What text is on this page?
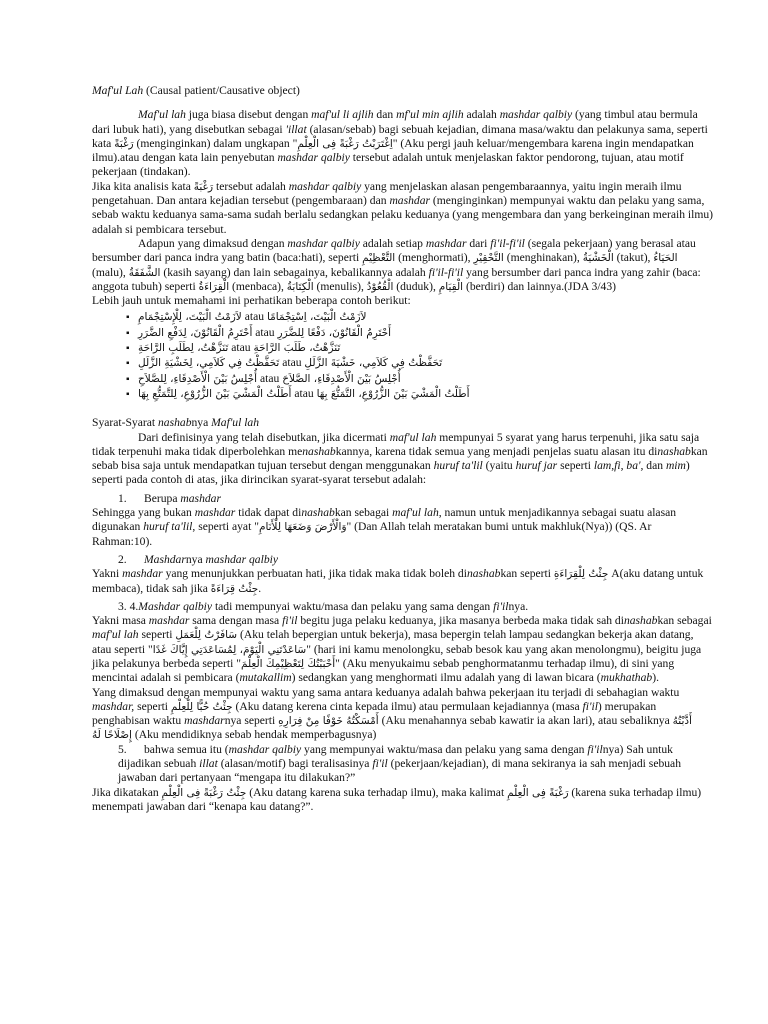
Maf'ul Lah (Causal patient/Causative object)

Maf'ul lah juga biasa disebut dengan maf'ul li ajlih dan mf'ul min ajlih adalah mashdar qalbiy (yang timbul atau bermula dari lubuk hati), yang disebutkan sebagai 'illat (alasan/sebab) bagi sebuah kejadian, dimana masa/waktu dan pelakunya sama, seperti kata رَغْبَةً (menginginkan) dalam ungkapan "اِغْتَرَبْتُ رَغْبَةً فِى الْعِلْمِ" (Aku pergi jauh keluar/mengembara karena ingin mendapatkan ilmu).atau dengan kata lain penyebutan mashdar qalbiy tersebut adalah untuk menjelaskan faktor pendorong, tujuan, atau motif pekerjaan (tindakan).

Jika kita analisis kata رَغْبَةً tersebut adalah mashdar qalbiy yang menjelaskan alasan pengembaraannya, yaitu ingin meraih ilmu pengetahuan. Dan antara kejadian tersebut (pengembaraan) dan mashdar (menginginkan) mempunyai waktu dan pelaku yang sama, sebab waktu keduanya sama-sama sudah berlalu sedangkan pelaku keduanya (yang mengembara dan yang berkeinginan meraih ilmu) adalah si pembicara tersebut.

Adapun yang dimaksud dengan mashdar qalbiy adalah setiap mashdar dari fi'il-fi'il (segala pekerjaan) yang berasal atau bersumber dari panca indra yang batin (baca:hati), seperti التَّعْظِيْمِ (menghormati), التَّحْقِيْرِ (menghinakan), الْخَشْيَةُ (takut), الحَيَاءُ (malu), الشَّفَقَةُ (kasih sayang) dan lain sebagainya, kebalikannya adalah fi'il-fi'il yang bersumber dari panca indra yang zahir (baca: anggota tubuh) seperti الْقِرَاءَةُ (menbaca), الْكِتَابَةُ (menulis), الْقُعُوْدُ (duduk), الْقِيَامِ (berdiri) dan lainnya.(JDA 3/43)

Lebih jauh untuk memahami ini perhatikan beberapa contoh berikut:

▪	لاَزَمْتُ الْبَيْتَ، اِسْتِجْمَامًا atau لاَزَمْتُ الْبَيْتَ، لِلْإِسْتِجْمَامِ
▪	أَحْتَرِمُ الْقَانُوْنَ، دَفْعًا لِلضَّرَرِ atau أَحْتَرِمُ الْقَانُوْنَ، لِدَفْعِ الضَّرَرِ
▪	تَنَزَّهْتُ، طَلَبَ الرَّاحَةِ atau تَنَزَّهْتُ، لِطَلَبِ الرَّاحَةِ
▪	تَحَفَّظْتُ فِي كَلاَمِي، خَشْيَةَ الزَّلَلِ atau تَحَفَّظْتُ فِي كَلاَمِي، لِخَشْيَةِ الزَّلَلِ
▪	أُجْلِسُ بَيْنَ الْأَصْدِقَاءِ، الصَّلاَحَ atau أُجْلِسُ بَيْنَ الْأَصْدِقَاءِ، لِلصَّلاَحِ
▪	أَطَلْتُ الْمَشْيَ بَيْنَ الزُّرُوْعِ، التَّمَتُّعَ بِهَا atau أَطَلْتُ الْمَشْيَ بَيْنَ الزُّرُوْعِ، لِلتَّمَتُّعِ بِهَا

Syarat-Syarat nashabnya Maf'ul lah

Dari definisinya yang telah disebutkan, jika dicermati maf'ul lah mempunyai 5 syarat yang harus terpenuhi, jika satu saja tidak terpenuhi maka tidak diperbolehkan menashabkannya, karena tidak semua yang menjadi penjelas suatu alasan itu dinashabkan sebab bisa saja untuk mendapatkan tujuan tersebut dengan menggunakan huruf ta'lil (yaitu huruf jar seperti lam,fi, ba', dan mim) seperti pada contoh di atas, jika dirincikan syarat-syarat tersebut adalah:

1. Berupa mashdar

Sehingga yang bukan mashdar tidak dapat dinashabkan sebagai maf'ul lah, namun untuk menjadikannya sebagai suatu alasan digunakan huruf ta'lil, seperti ayat "وَالْأَرْضَ وَضَعَهَا لِلْأَنَامِ" (Dan Allah telah meratakan bumi untuk makhluk(Nya)) (QS. Ar Rahman:10).

2. Mashdarnya mashdar qalbiy

Yakni mashdar yang menunjukkan perbuatan hati, jika tidak maka tidak boleh dinashabkan seperti جِئْتُ لِلْقِرَاءَةِ A(aku datang untuk membaca), tidak sah jika جِئْتُ قِرَاءَةً.

3. 4.Mashdar qalbiy tadi mempunyai waktu/masa dan pelaku yang sama dengan fi'ilnya.

Yakni masa mashdar sama dengan masa fi'il begitu juga pelaku keduanya, jika masanya berbeda maka tidak sah dinashabkan sebagai maf'ul lah seperti سَافَرْتُ لِلْعَمَلِ (Aku telah bepergian untuk bekerja), masa bepergin telah lampau sedangkan bekerja akan datang, atau seperti "سَاعَدْتَنِي الْيَوْمَ، لِمُسَاعَدَتِي إِيَّاكَ غَدًا" (hari ini kamu menolongku, sebab besok kau yang akan menolongmu), beigitu juga jika pelakunya berbeda seperti "أَحْبَبْتُكَ لِتَعْظِيْمِكَ الْعِلْمَ" (Aku menyukaimu sebab penghormatanmu terhadap ilmu), di sini yang mencintai adalah si pembicara (mutakallim) sedangkan yang menghormati ilmu adalah yang di lawan bicara (mukhathab).

Yang dimaksud dengan mempunyai waktu yang sama antara keduanya adalah bahwa pekerjaan itu terjadi di sebahagian waktu mashdar, seperti جِئْتُ حُبًّا لِلْعِلْمِ (Aku datang kerena cinta kepada ilmu) atau permulaan kejadiannya (masa fi'il) merupakan penghabisan waktu mashdarnya seperti أَمْسَكْتُهُ خَوْفًا مِنْ فِرَارِهِ (Aku menahannya sebab kawatir ia akan lari), atau sebaliknya أَدَّبْتُهُ إِصْلَاحًا لَهُ (Aku mendidiknya sebab hendak memperbagusnya)

5. bahwa semua itu (mashdar qalbiy yang mempunyai waktu/masa dan pelaku yang sama dengan fi'ilnya) Sah untuk dijadikan sebuah illat (alasan/motif) bagi teralisasinya fi'il (pekerjaan/kejadian), di mana sekiranya ia sah menjadi sebuah jawaban dari pertanyaan “mengapa itu dilakukan?”

Jika dikatakan جِئْتُ رَغْبَةً فِى الْعِلْمِ (Aku datang karena suka terhadap ilmu), maka kalimat رَغْبَةً فِى الْعِلْمِ (karena suka terhadap ilmu) menempati jawaban dari “kenapa kau datang?”.
